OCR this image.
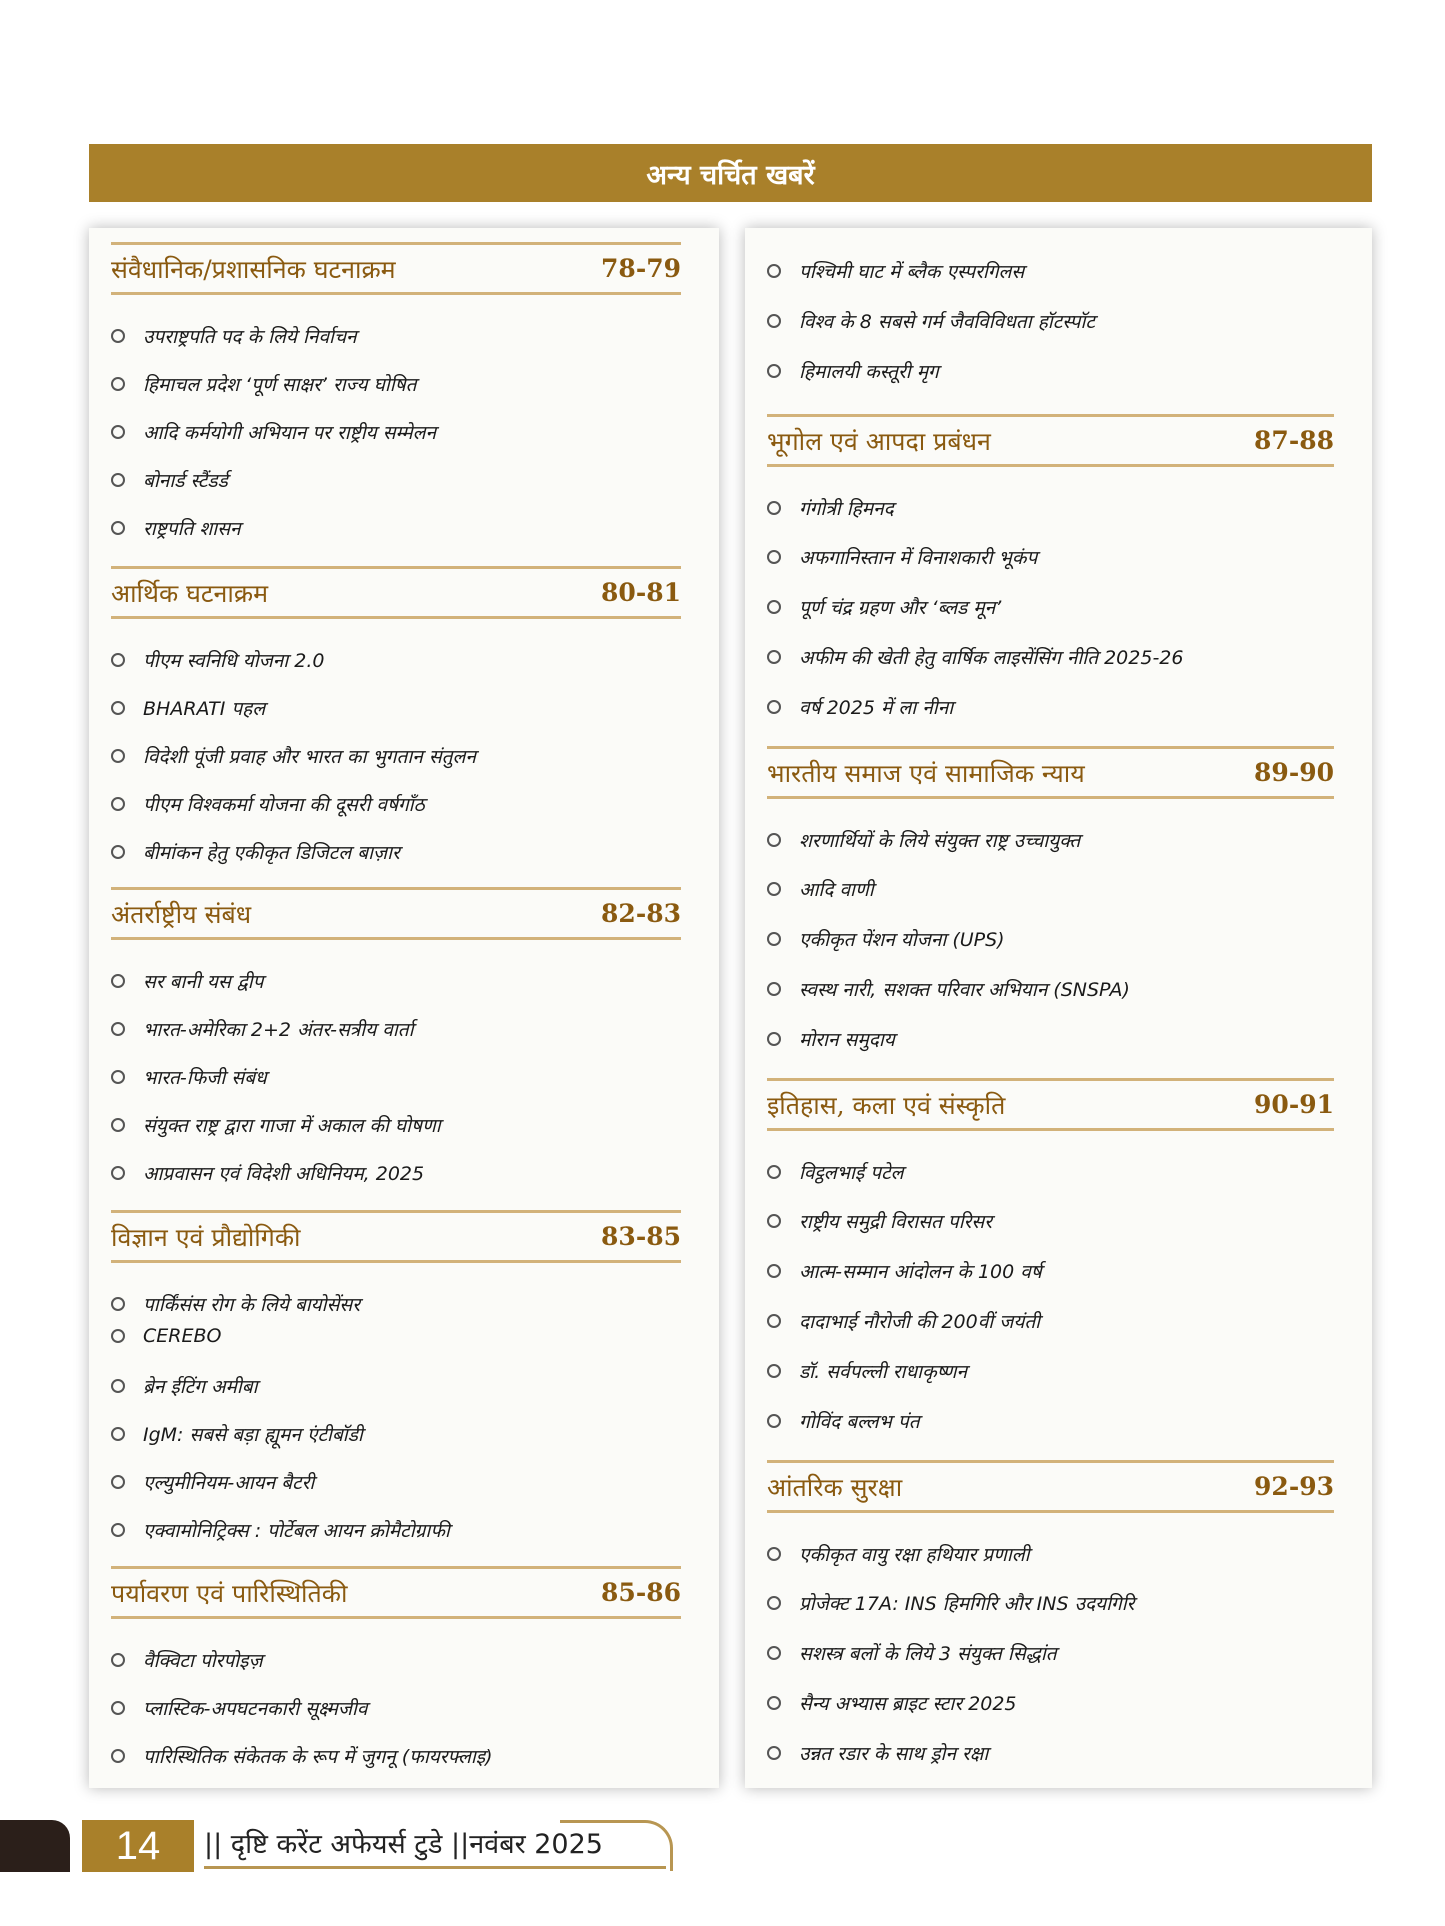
अन्य चर्चित खबरें
संवैधानिक/प्रशासनिक घटनाक्रम	78-79
उपराष्ट्रपति पद के लिये निर्वाचन
हिमाचल प्रदेश ‘पूर्ण साक्षर’ राज्य घोषित
आदि कर्मयोगी अभियान पर राष्ट्रीय सम्मेलन
बोनार्ड स्टैंडर्ड
राष्ट्रपति शासन
आर्थिक घटनाक्रम	80-81
पीएम स्वनिधि योजना 2.0
BHARATI पहल
विदेशी पूंजी प्रवाह और भारत का भुगतान संतुलन
पीएम विश्वकर्मा योजना की दूसरी वर्षगाँठ
बीमांकन हेतु एकीकृत डिजिटल बाज़ार
अंतर्राष्ट्रीय संबंध	82-83
सर बानी यस द्वीप
भारत-अमेरिका 2+2 अंतर-सत्रीय वार्ता
भारत-फिजी संबंध
संयुक्त राष्ट्र द्वारा गाजा में अकाल की घोषणा
आप्रवासन एवं विदेशी अधिनियम, 2025
विज्ञान एवं प्रौद्योगिकी	83-85
पार्किंसंस रोग के लिये बायोसेंसर
CEREBO
ब्रेन ईटिंग अमीबा
IgM: सबसे बड़ा ह्यूमन एंटीबॉडी
एल्युमीनियम-आयन बैटरी
एक्वामोनिट्रिक्स : पोर्टेबल आयन क्रोमैटोग्राफी
पर्यावरण एवं पारिस्थितिकी	85-86
वैक्विटा पोरपोइज़
प्लास्टिक-अपघटनकारी सूक्ष्मजीव
पारिस्थितिक संकेतक के रूप में जुगनू (फायरफ्लाइ)
पश्चिमी घाट में ब्लैक एस्परगिलस
विश्व के 8 सबसे गर्म जैवविविधता हॉटस्पॉट
हिमालयी कस्तूरी मृग
भूगोल एवं आपदा प्रबंधन	87-88
गंगोत्री हिमनद
अफगानिस्तान में विनाशकारी भूकंप
पूर्ण चंद्र ग्रहण और ‘ब्लड मून’
अफीम की खेती हेतु वार्षिक लाइसेंसिंग नीति 2025-26
वर्ष 2025 में ला नीना
भारतीय समाज एवं सामाजिक न्याय	89-90
शरणार्थियों के लिये संयुक्त राष्ट्र उच्चायुक्त
आदि वाणी
एकीकृत पेंशन योजना (UPS)
स्वस्थ नारी, सशक्त परिवार अभियान (SNSPA)
मोरान समुदाय
इतिहास, कला एवं संस्कृति	90-91
विट्ठलभाई पटेल
राष्ट्रीय समुद्री विरासत परिसर
आत्म-सम्मान आंदोलन के 100 वर्ष
दादाभाई नौरोजी की 200वीं जयंती
डॉ. सर्वपल्ली राधाकृष्णन
गोविंद बल्लभ पंत
आंतरिक सुरक्षा	92-93
एकीकृत वायु रक्षा हथियार प्रणाली
प्रोजेक्ट 17A: INS हिमगिरि और INS उदयगिरि
सशस्त्र बलों के लिये 3 संयुक्त सिद्धांत
सैन्य अभ्यास ब्राइट स्टार 2025
उन्नत रडार के साथ ड्रोन रक्षा
14	|| दृष्टि करेंट अफेयर्स टुडे ||नवंबर 2025
